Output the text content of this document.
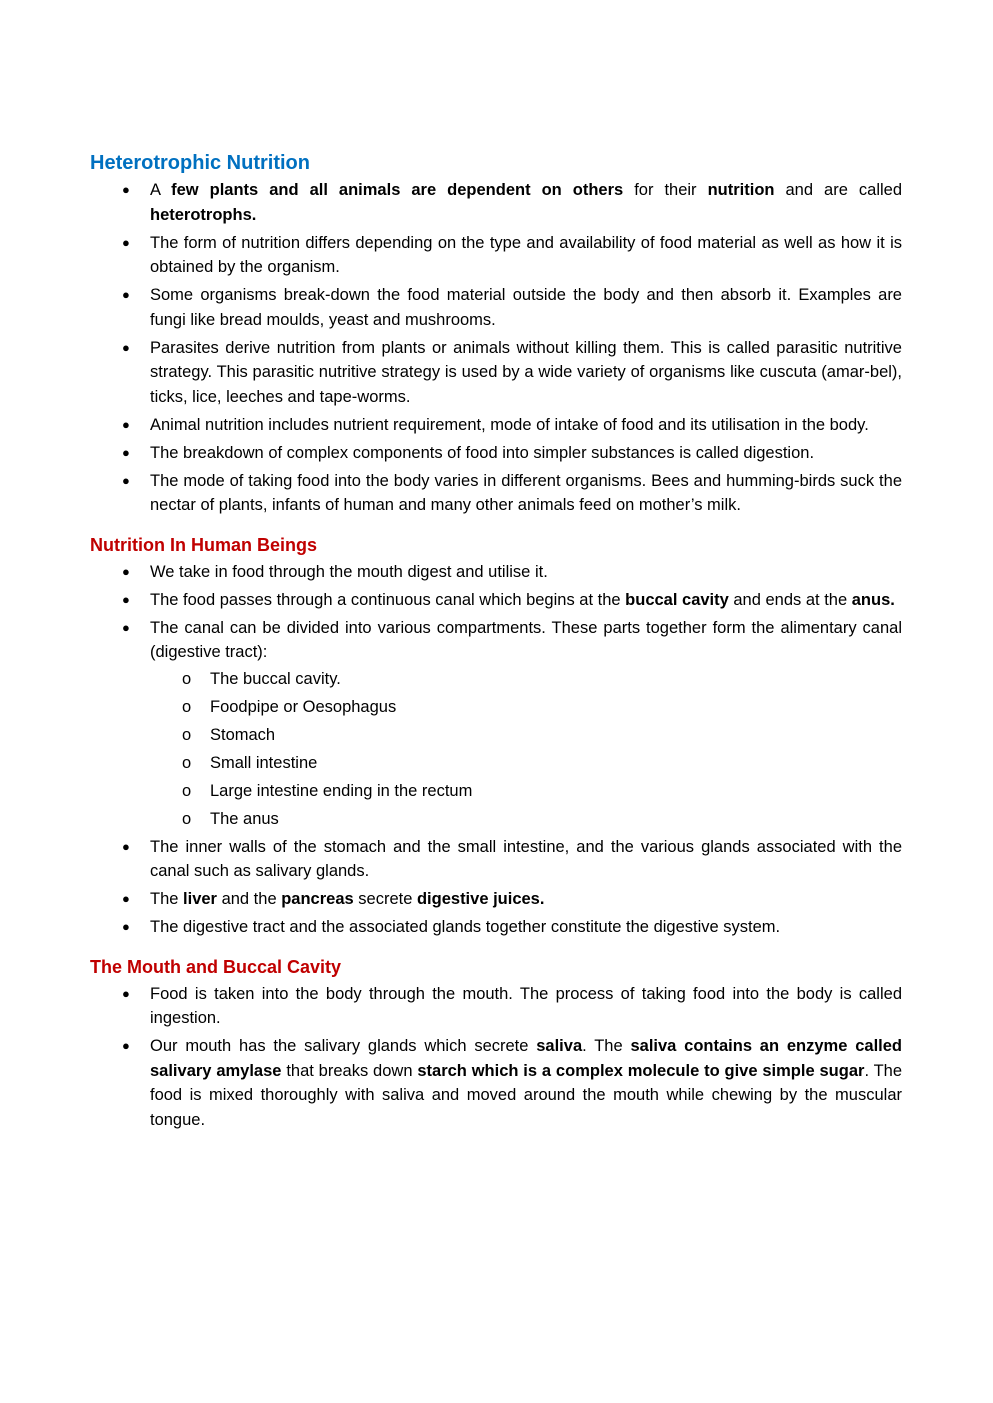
Heterotrophic Nutrition
● A few plants and all animals are dependent on others for their nutrition and are called heterotrophs.
● The form of nutrition differs depending on the type and availability of food material as well as how it is obtained by the organism.
● Some organisms break-down the food material outside the body and then absorb it. Examples are fungi like bread moulds, yeast and mushrooms.
● Parasites derive nutrition from plants or animals without killing them. This is called parasitic nutritive strategy. This parasitic nutritive strategy is used by a wide variety of organisms like cuscuta (amar-bel), ticks, lice, leeches and tape-worms.
● Animal nutrition includes nutrient requirement, mode of intake of food and its utilisation in the body.
● The breakdown of complex components of food into simpler substances is called digestion.
● The mode of taking food into the body varies in different organisms. Bees and humming-birds suck the nectar of plants, infants of human and many other animals feed on mother’s milk.
Nutrition In Human Beings
● We take in food through the mouth digest and utilise it.
● The food passes through a continuous canal which begins at the buccal cavity and ends at the anus.
● The canal can be divided into various compartments. These parts together form the alimentary canal (digestive tract):
o The buccal cavity.
o Foodpipe or Oesophagus
o Stomach
o Small intestine
o Large intestine ending in the rectum
o The anus
● The inner walls of the stomach and the small intestine, and the various glands associated with the canal such as salivary glands.
● The liver and the pancreas secrete digestive juices.
● The digestive tract and the associated glands together constitute the digestive system.
The Mouth and Buccal Cavity
● Food is taken into the body through the mouth. The process of taking food into the body is called ingestion.
● Our mouth has the salivary glands which secrete saliva. The saliva contains an enzyme called salivary amylase that breaks down starch which is a complex molecule to give simple sugar. The food is mixed thoroughly with saliva and moved around the mouth while chewing by the muscular tongue.
